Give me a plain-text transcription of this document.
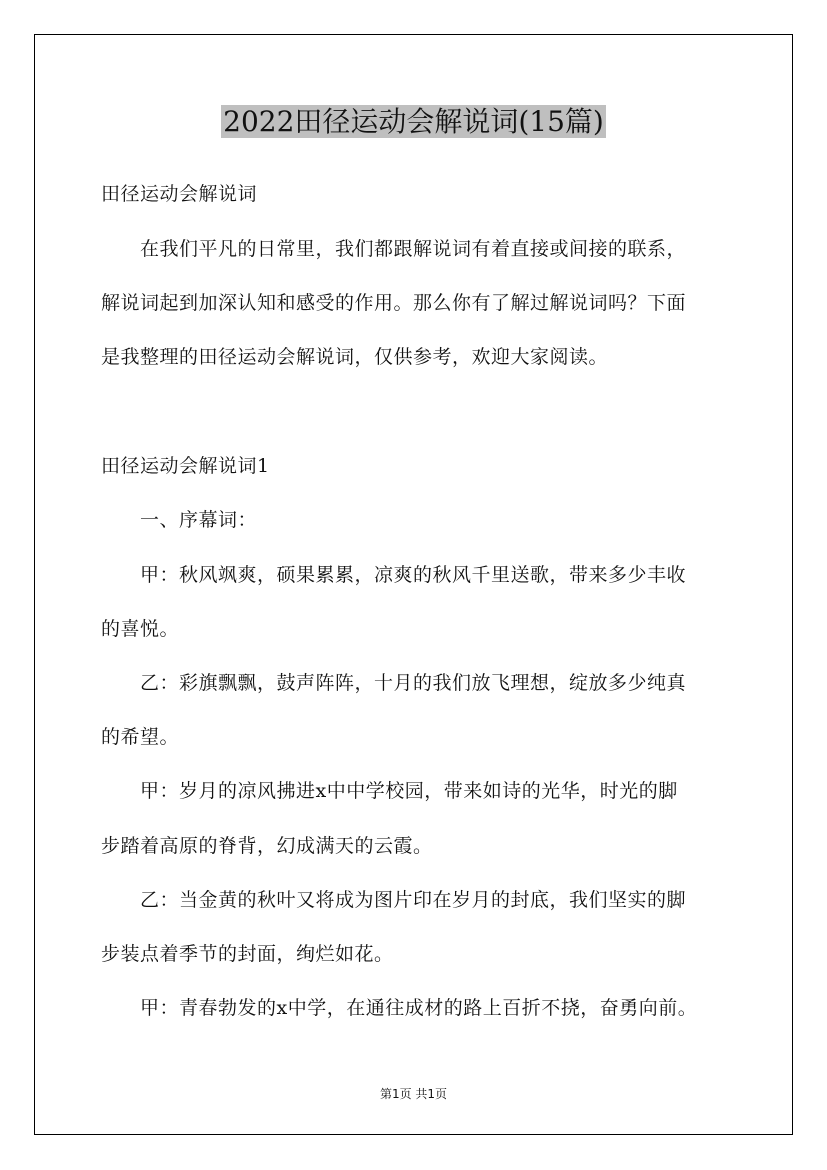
2022田径运动会解说词(15篇)
田径运动会解说词
在我们平凡的日常里，我们都跟解说词有着直接或间接的联系，
解说词起到加深认知和感受的作用。那么你有了解过解说词吗？下面
是我整理的田径运动会解说词，仅供参考，欢迎大家阅读。
田径运动会解说词1
一、序幕词：
甲：秋风飒爽，硕果累累，凉爽的秋风千里送歌，带来多少丰收
的喜悦。
乙：彩旗飘飘，鼓声阵阵，十月的我们放飞理想，绽放多少纯真
的希望。
甲：岁月的凉风拂进x中中学校园，带来如诗的光华，时光的脚
步踏着高原的脊背，幻成满天的云霞。
乙：当金黄的秋叶又将成为图片印在岁月的封底，我们坚实的脚
步装点着季节的封面，绚烂如花。
甲：青春勃发的x中学，在通往成材的路上百折不挠，奋勇向前。
第1页 共1页
